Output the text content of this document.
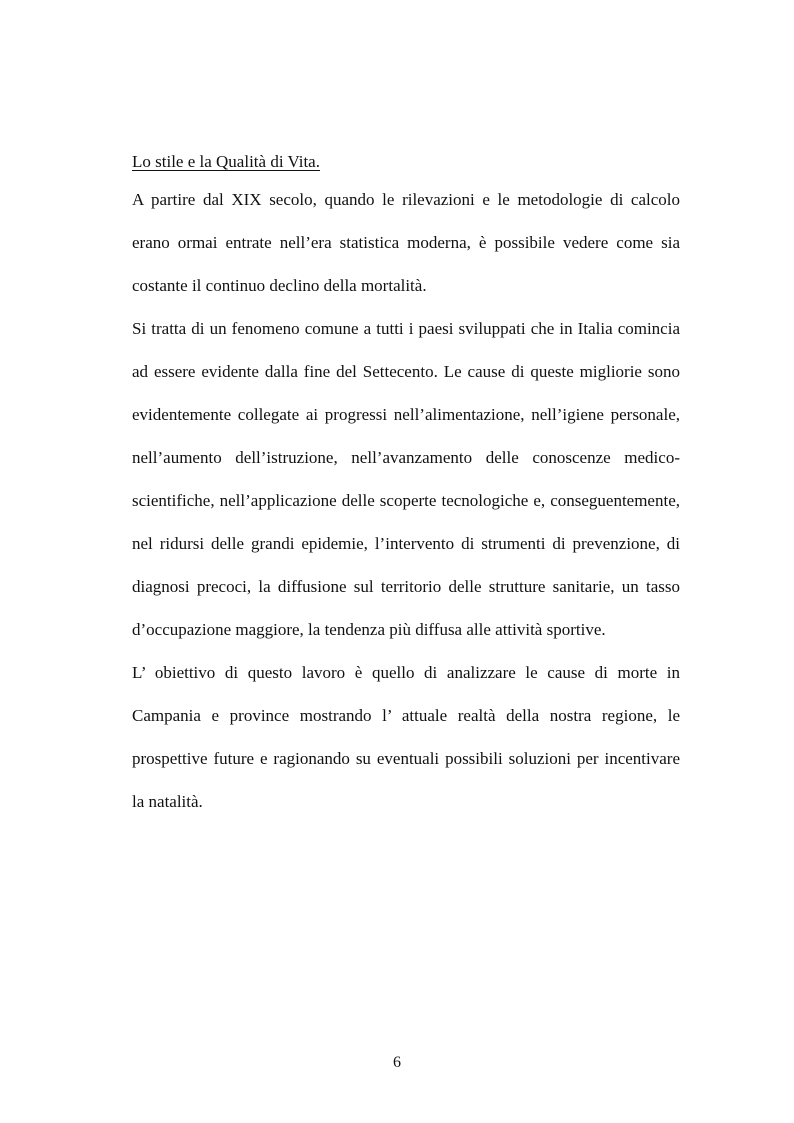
Lo stile e la Qualità di Vita.

A partire dal XIX secolo, quando le rilevazioni e le metodologie di calcolo erano ormai entrate nell’era statistica moderna, è possibile vedere come sia costante il continuo declino della mortalità.

Si tratta di un fenomeno comune a tutti i paesi sviluppati che in Italia comincia ad essere evidente dalla fine del Settecento. Le cause di queste migliorie sono evidentemente collegate ai progressi nell’alimentazione, nell’igiene personale, nell’aumento dell’istruzione, nell’avanzamento delle conoscenze medico-scientifiche, nell’applicazione delle scoperte tecnologiche e, conseguentemente, nel ridursi delle grandi epidemie, l’intervento di strumenti di prevenzione, di diagnosi precoci, la diffusione sul territorio delle strutture sanitarie, un tasso d’occupazione maggiore, la tendenza più diffusa alle attività sportive.

L’ obiettivo di questo lavoro è quello di analizzare le cause di morte in Campania e province mostrando l’ attuale realtà della nostra regione, le prospettive future e ragionando su eventuali possibili soluzioni per incentivare la natalità.

6
